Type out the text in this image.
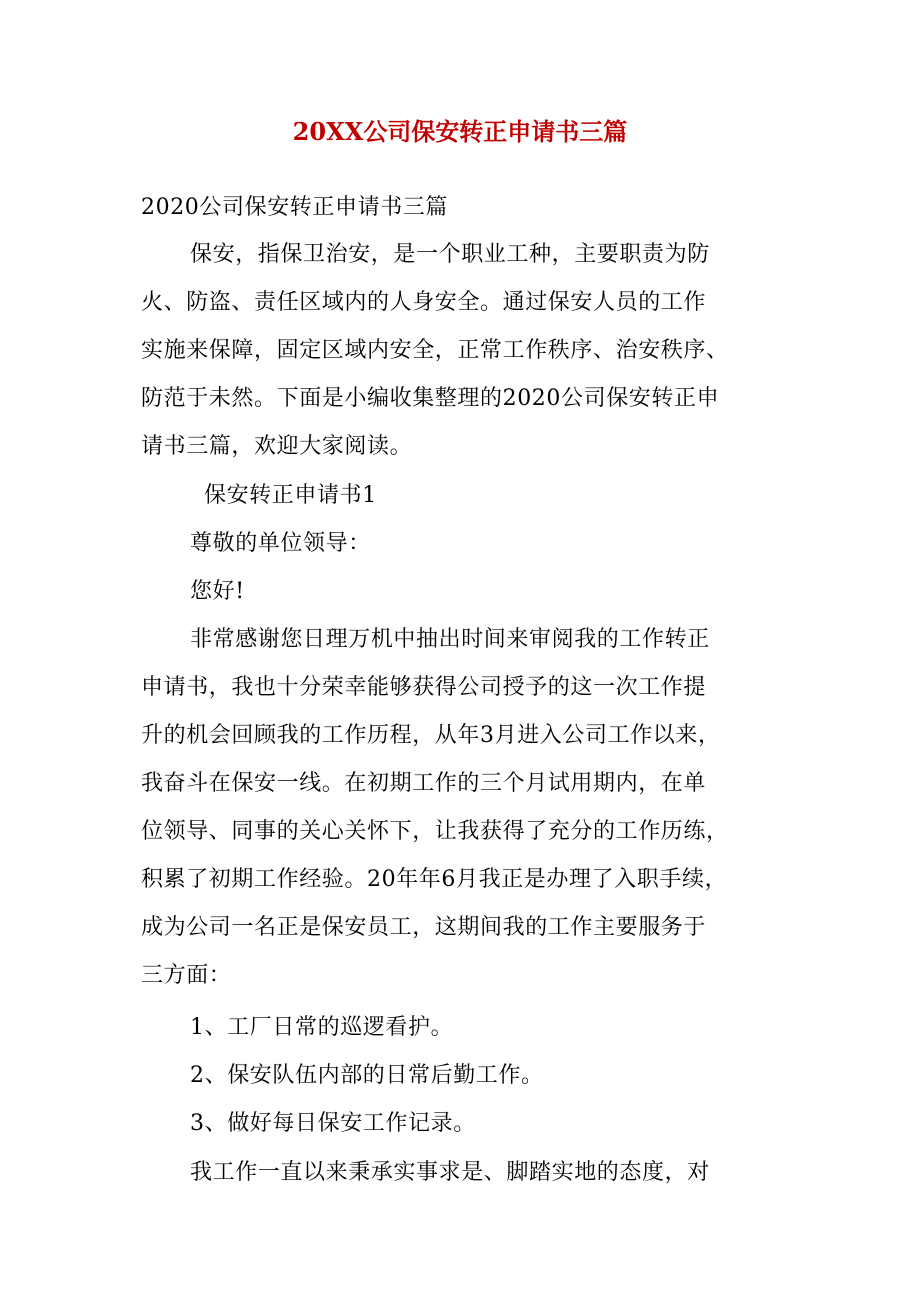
20XX公司保安转正申请书三篇
2020公司保安转正申请书三篇
保安，指保卫治安，是一个职业工种，主要职责为防
火、防盗、责任区域内的人身安全。通过保安人员的工作
实施来保障，固定区域内安全，正常工作秩序、治安秩序、
防范于未然。下面是小编收集整理的2020公司保安转正申
请书三篇，欢迎大家阅读。
保安转正申请书1
尊敬的单位领导：
您好!
非常感谢您日理万机中抽出时间来审阅我的工作转正
申请书，我也十分荣幸能够获得公司授予的这一次工作提
升的机会回顾我的工作历程，从年3月进入公司工作以来，
我奋斗在保安一线。在初期工作的三个月试用期内，在单
位领导、同事的关心关怀下，让我获得了充分的工作历练，
积累了初期工作经验。20年年6月我正是办理了入职手续，
成为公司一名正是保安员工，这期间我的工作主要服务于
三方面：
1、工厂日常的巡逻看护。
2、保安队伍内部的日常后勤工作。
3、做好每日保安工作记录。
我工作一直以来秉承实事求是、脚踏实地的态度，对
